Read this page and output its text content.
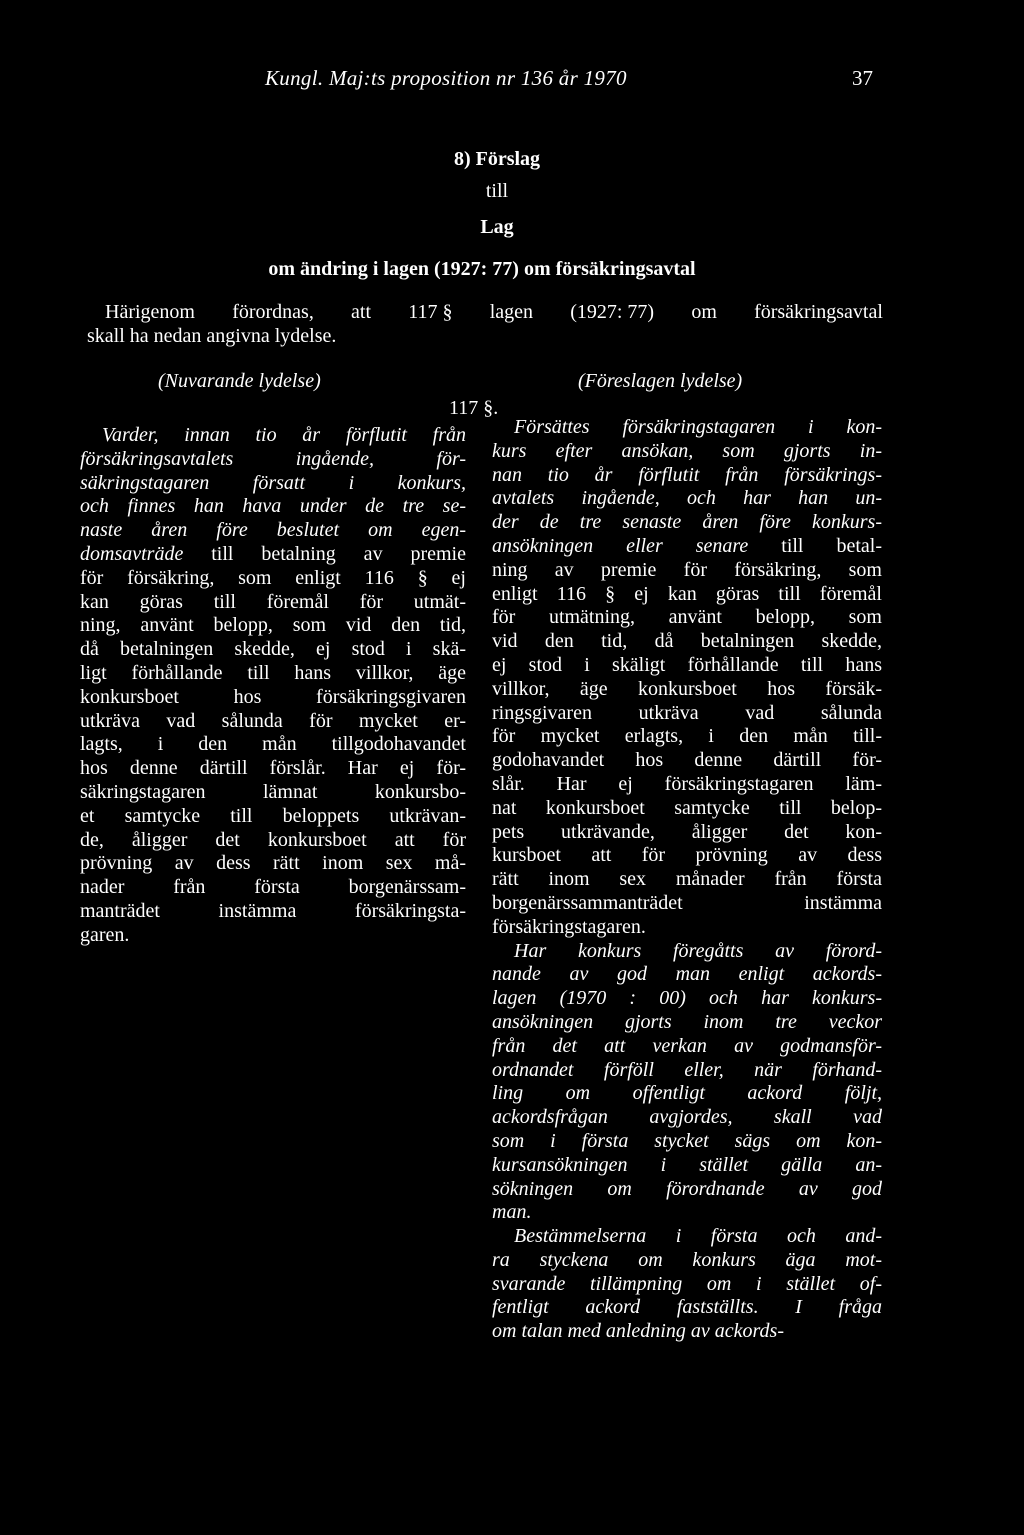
Kungl. Maj:ts proposition nr 136 år 1970	37
8) Förslag
till
Lag
om ändring i lagen (1927: 77) om försäkringsavtal
Härigenom förordnas, att 117 § lagen (1927: 77) om försäkringsavtal
skall ha nedan angivna lydelse.
(Nuvarande lydelse)	(Föreslagen lydelse)
117 §.
Varder, innan tio år förflutit från
försäkringsavtalets ingående, för-
säkringstagaren försatt i konkurs,
och finnes han hava under de tre se-
naste åren före beslutet om egen-
domsavträde till betalning av premie
för försäkring, som enligt 116 § ej
kan göras till föremål för utmät-
ning, använt belopp, som vid den tid,
då betalningen skedde, ej stod i skä-
ligt förhållande till hans villkor, äge
konkursboet hos försäkringsgivaren
utkräva vad sålunda för mycket er-
lagts, i den mån tillgodohavandet
hos denne därtill förslår. Har ej för-
säkringstagaren lämnat konkursbo-
et samtycke till beloppets utkrävan-
de, åligger det konkursboet att för
prövning av dess rätt inom sex må-
nader från första borgenärssam-
manträdet instämma försäkringsta-
garen.
Försättes försäkringstagaren i kon-
kurs efter ansökan, som gjorts in-
nan tio år förflutit från försäkrings-
avtalets ingående, och har han un-
der de tre senaste åren före konkurs-
ansökningen eller senare till betal-
ning av premie för försäkring, som
enligt 116 § ej kan göras till föremål
för utmätning, använt belopp, som
vid den tid, då betalningen skedde,
ej stod i skäligt förhållande till hans
villkor, äge konkursboet hos försäk-
ringsgivaren utkräva vad sålunda
för mycket erlagts, i den mån till-
godohavandet hos denne därtill för-
slår. Har ej försäkringstagaren läm-
nat konkursboet samtycke till belop-
pets utkrävande, åligger det kon-
kursboet att för prövning av dess
rätt inom sex månader från första
borgenärssammanträdet instämma
försäkringstagaren.
Har konkurs föregåtts av förord-
nande av god man enligt ackords-
lagen (1970 : 00) och har konkurs-
ansökningen gjorts inom tre veckor
från det att verkan av godmansför-
ordnandet förföll eller, när förhand-
ling om offentligt ackord följt,
ackordsfrågan avgjordes, skall vad
som i första stycket sägs om kon-
kursansökningen i stället gälla an-
sökningen om förordnande av god
man.
Bestämmelserna i första och and-
ra styckena om konkurs äga mot-
svarande tillämpning om i stället of-
fentligt ackord fastställts. I fråga
om talan med anledning av ackords-
